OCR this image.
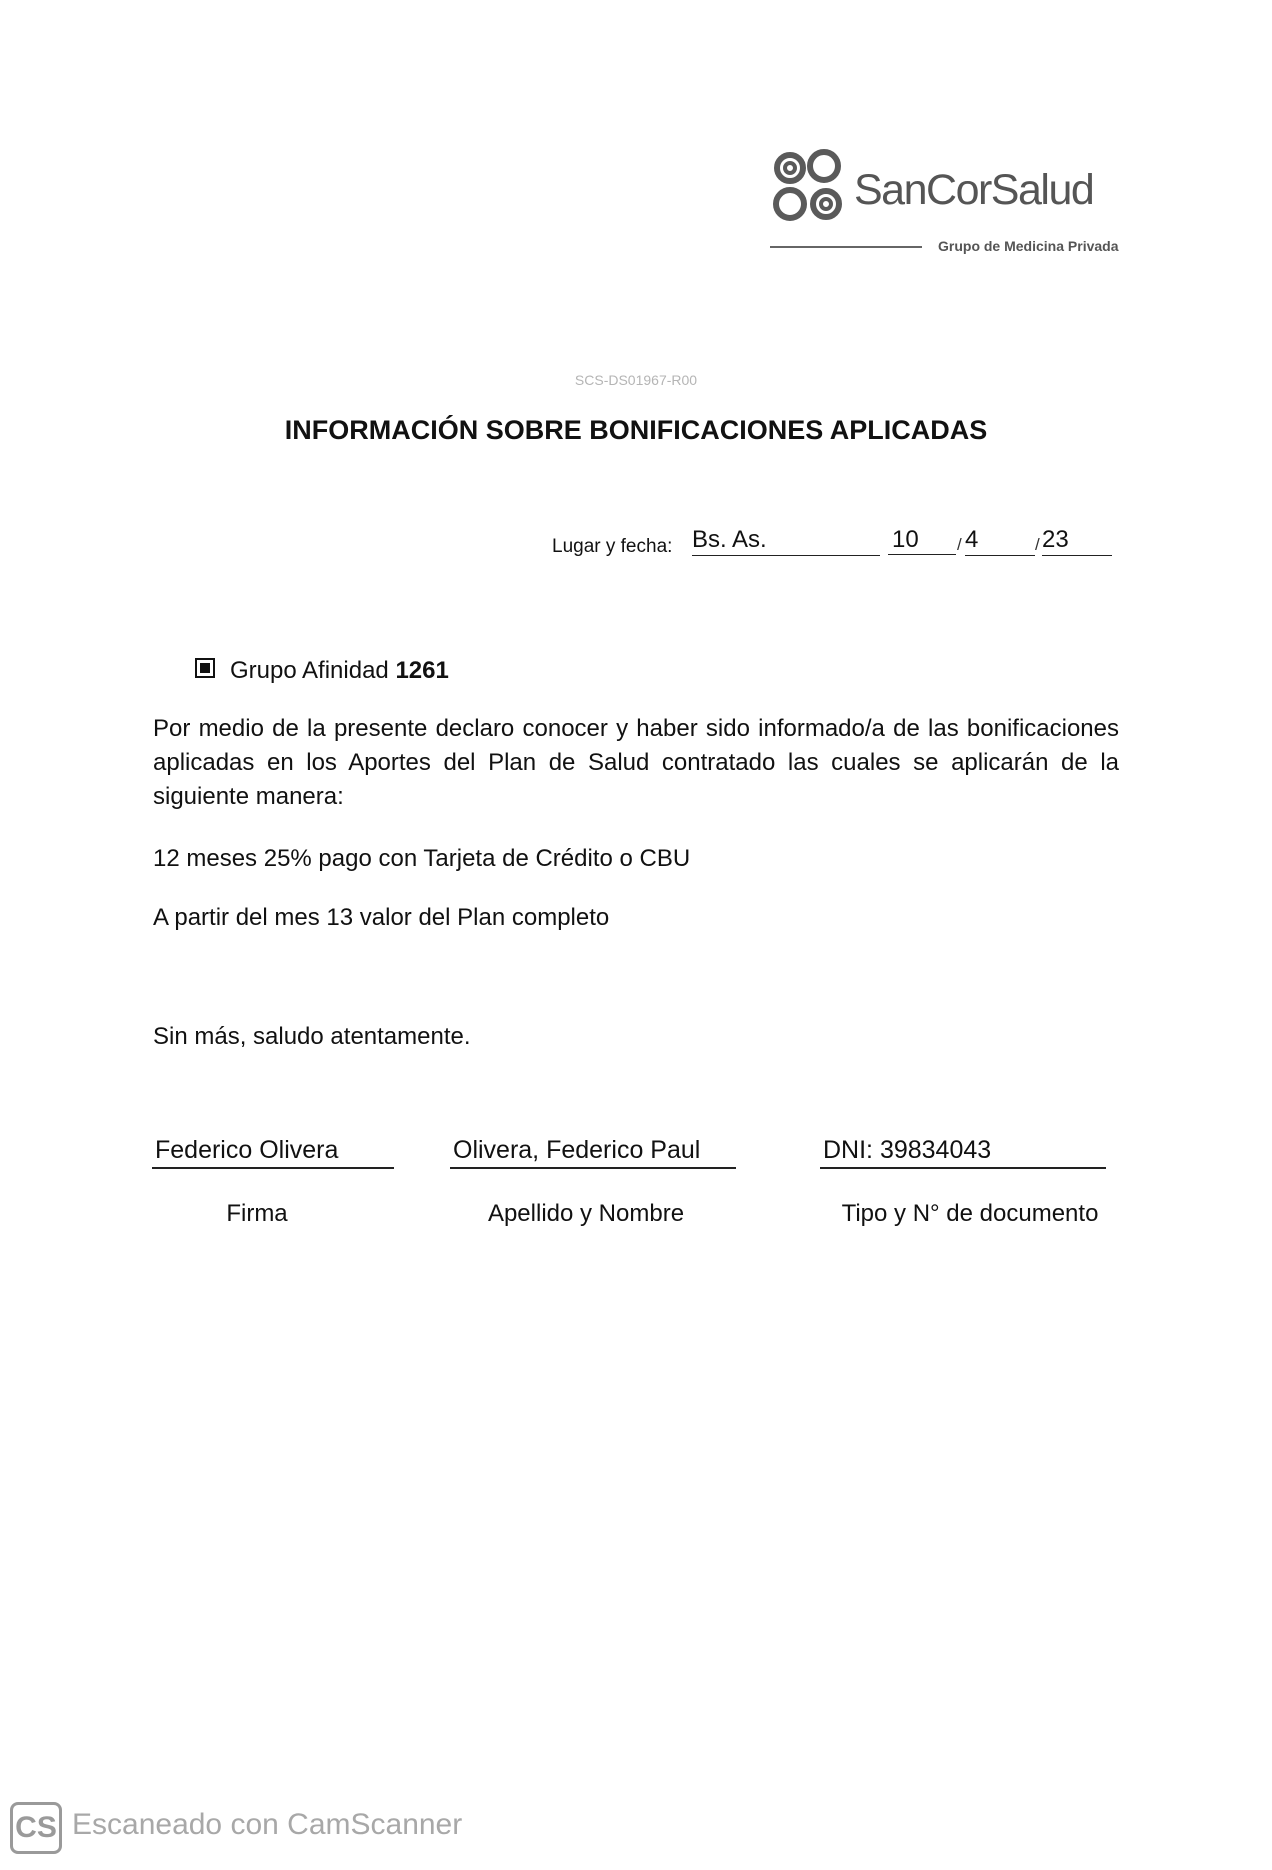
SanCorSalud
Grupo de Medicina Privada
SCS-DS01967-R00
INFORMACIÓN SOBRE BONIFICACIONES APLICADAS
Lugar y fecha: Bs. As.	10	/ 4	/ 23
Grupo Afinidad 1261
Por medio de la presente declaro conocer y haber sido informado/a de las bonificaciones aplicadas en los Aportes del Plan de Salud contratado las cuales se aplicarán de la siguiente manera:
12 meses 25% pago con Tarjeta de Crédito o CBU
A partir del mes 13 valor del Plan completo
Sin más, saludo atentamente.
Federico Olivera	Olivera, Federico Paul	DNI: 39834043
Firma	Apellido y Nombre	Tipo y N° de documento
CS Escaneado con CamScanner
